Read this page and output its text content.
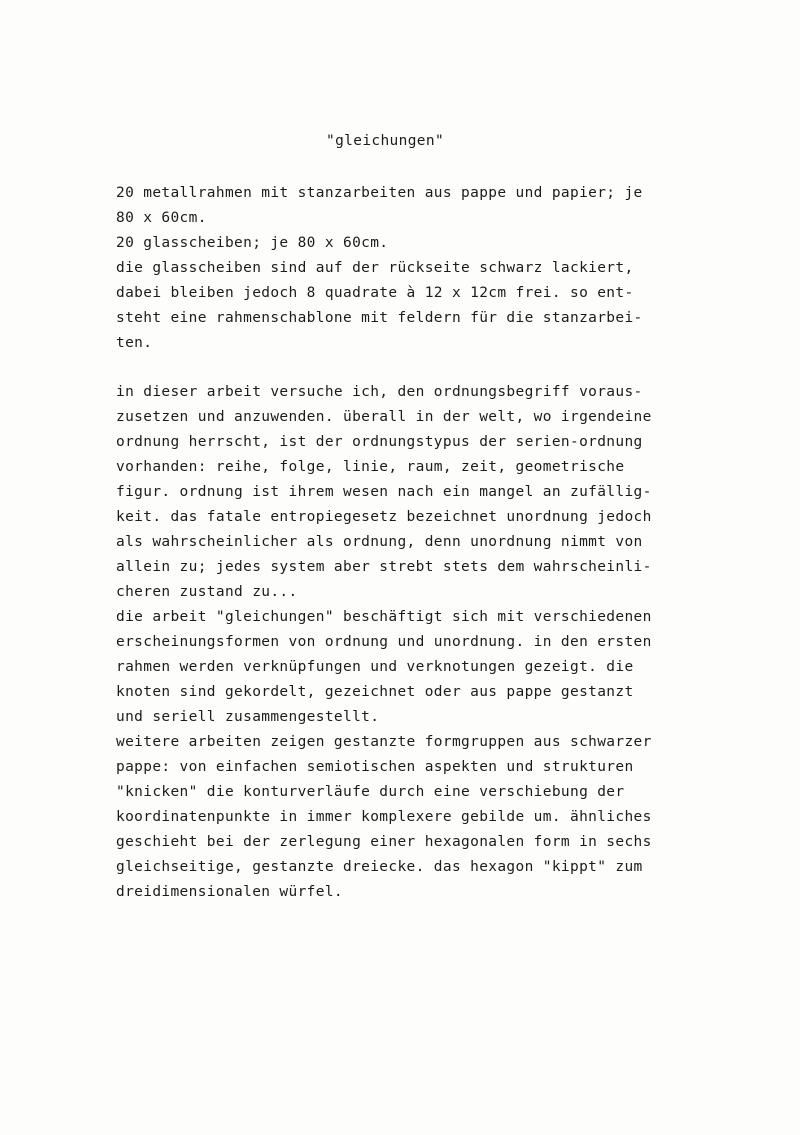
"gleichungen"
20 metallrahmen mit stanzarbeiten aus pappe und papier; je
80 x 60cm.
20 glasscheiben; je 80 x 60cm.
die glasscheiben sind auf der rückseite schwarz lackiert,
dabei bleiben jedoch 8 quadrate à 12 x 12cm frei. so ent-
steht eine rahmenschablone mit feldern für die stanzarbei-
ten.
in dieser arbeit versuche ich, den ordnungsbegriff voraus-
zusetzen und anzuwenden. überall in der welt, wo irgendeine
ordnung herrscht, ist der ordnungstypus der serien-ordnung
vorhanden: reihe, folge, linie, raum, zeit, geometrische
figur. ordnung ist ihrem wesen nach ein mangel an zufällig-
keit. das fatale entropiegesetz bezeichnet unordnung jedoch
als wahrscheinlicher als ordnung, denn unordnung nimmt von
allein zu; jedes system aber strebt stets dem wahrscheinli-
cheren zustand zu...
die arbeit "gleichungen" beschäftigt sich mit verschiedenen
erscheinungsformen von ordnung und unordnung. in den ersten
rahmen werden verknüpfungen und verknotungen gezeigt. die
knoten sind gekordelt, gezeichnet oder aus pappe gestanzt
und seriell zusammengestellt.
weitere arbeiten zeigen gestanzte formgruppen aus schwarzer
pappe: von einfachen semiotischen aspekten und strukturen
"knicken" die konturverläufe durch eine verschiebung der
koordinatenpunkte in immer komplexere gebilde um. ähnliches
geschieht bei der zerlegung einer hexagonalen form in sechs
gleichseitige, gestanzte dreiecke. das hexagon "kippt" zum
dreidimensionalen würfel.
